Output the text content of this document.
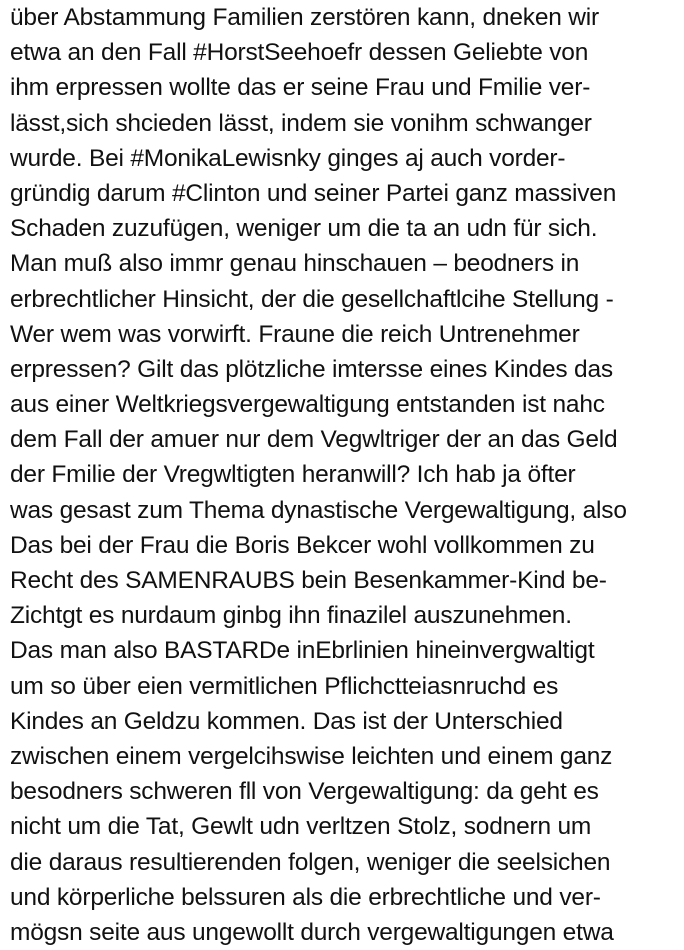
über Abstammung Familien zerstören kann, dneken wir
etwa an den Fall #HorstSeehoefr dessen Geliebte von
ihm erpressen wollte das er seine Frau und Fmilie ver-
lässt,sich shcieden lässt, indem sie vonihm schwanger
wurde. Bei #MonikaLewisnky ginges aj auch vorder-
gründig darum #Clinton und seiner Partei ganz massiven
Schaden zuzufügen, weniger um die ta an udn für sich.
Man muß also immr genau hinschauen – beodners in
erbrechtlicher Hinsicht, der die gesellchaftlcihe Stellung -
Wer wem was vorwirft. Fraune die reich Untrenehmer
erpressen? Gilt das plötzliche imtersse eines Kindes das
aus einer Weltkriegsvergewaltigung entstanden ist nahc
dem Fall der amuer nur dem Vegwltriger der an das Geld
der Fmilie der Vregwltigten heranwill? Ich hab ja öfter
was gesast zum Thema dynastische Vergewaltigung, also
Das bei der Frau die Boris Bekcer wohl vollkommen zu
Recht des SAMENRAUBS bein Besenkammer-Kind be-
Zichtgt es nurdaum ginbg ihn finazilel auszunehmen.
Das man also BASTARDe inEbrlinien hineinvergwaltigt
um so über eien vermitlichen Pflichctteiasnruchd es
Kindes an Geldzu kommen. Das ist der Unterschied
zwischen einem vergelcihswise leichten und einem ganz
besodners schweren fll von Vergewaltigung: da geht es
nicht um die Tat, Gewlt udn verltzen Stolz, sodnern um
die daraus resultierenden folgen, weniger die seelsichen
und körperliche belssuren als die erbrechtliche und ver-
mögsn seite aus ungewollt durch vergewaltigungen etwa
